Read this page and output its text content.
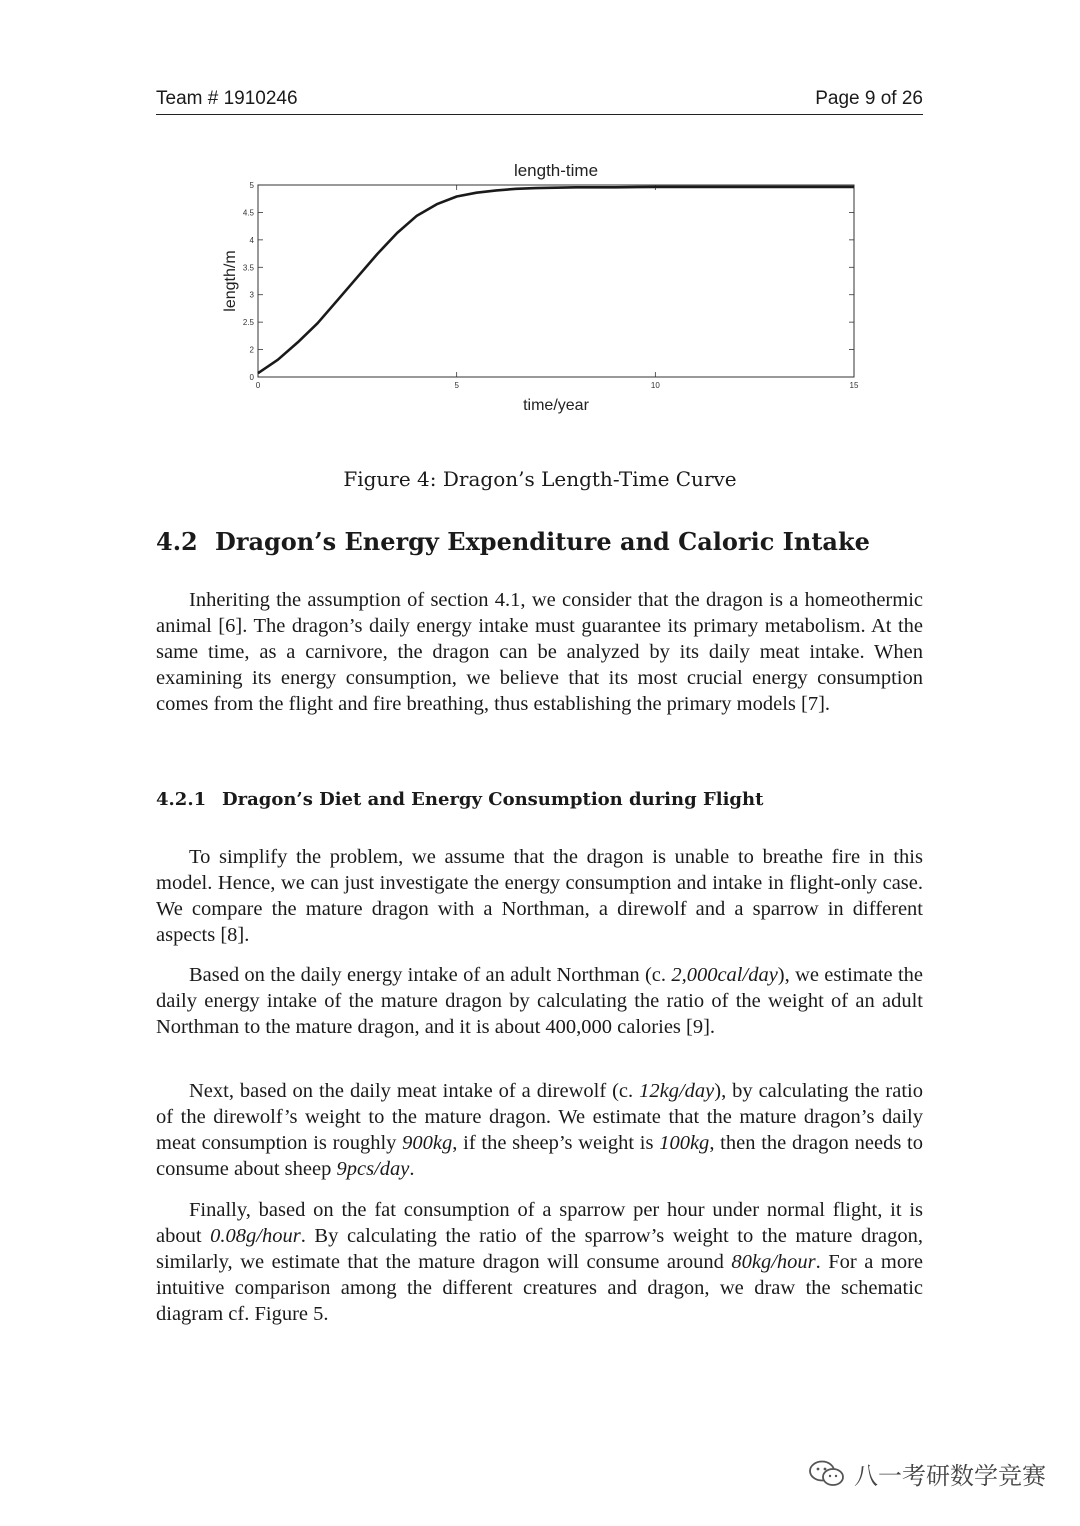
Team # 1910246	Page 9 of 26
0
2
2.5
3
3.5
4
4.5
5
0	5	10	15
length-time
time/year
length/m
Figure 4: Dragon’s Length-Time Curve
4.2 Dragon’s Energy Expenditure and Caloric Intake
Inheriting the assumption of section 4.1, we consider that the dragon is a homeothermic animal [6]. The dragon’s daily energy intake must guarantee its primary metabolism. At the same time, as a carnivore, the dragon can be analyzed by its daily meat intake. When examining its energy consumption, we believe that its most crucial energy consumption comes from the flight and fire breathing, thus establishing the primary models [7].
4.2.1 Dragon’s Diet and Energy Consumption during Flight
To simplify the problem, we assume that the dragon is unable to breathe fire in this model. Hence, we can just investigate the energy consumption and intake in flight-only case. We compare the mature dragon with a Northman, a direwolf and a sparrow in different aspects [8].
Based on the daily energy intake of an adult Northman (c. 2,000cal/day), we estimate the daily energy intake of the mature dragon by calculating the ratio of the weight of an adult Northman to the mature dragon, and it is about 400,000 calories [9].
Next, based on the daily meat intake of a direwolf (c. 12kg/day), by calculating the ratio of the direwolf’s weight to the mature dragon. We estimate that the mature dragon’s daily meat consumption is roughly 900kg, if the sheep’s weight is 100kg, then the dragon needs to consume about sheep 9pcs/day.
Finally, based on the fat consumption of a sparrow per hour under normal flight, it is about 0.08g/hour. By calculating the ratio of the sparrow’s weight to the mature dragon, similarly, we estimate that the mature dragon will consume around 80kg/hour. For a more intuitive comparison among the different creatures and dragon, we draw the schematic diagram cf. Figure 5.
八一考研数学竞赛
